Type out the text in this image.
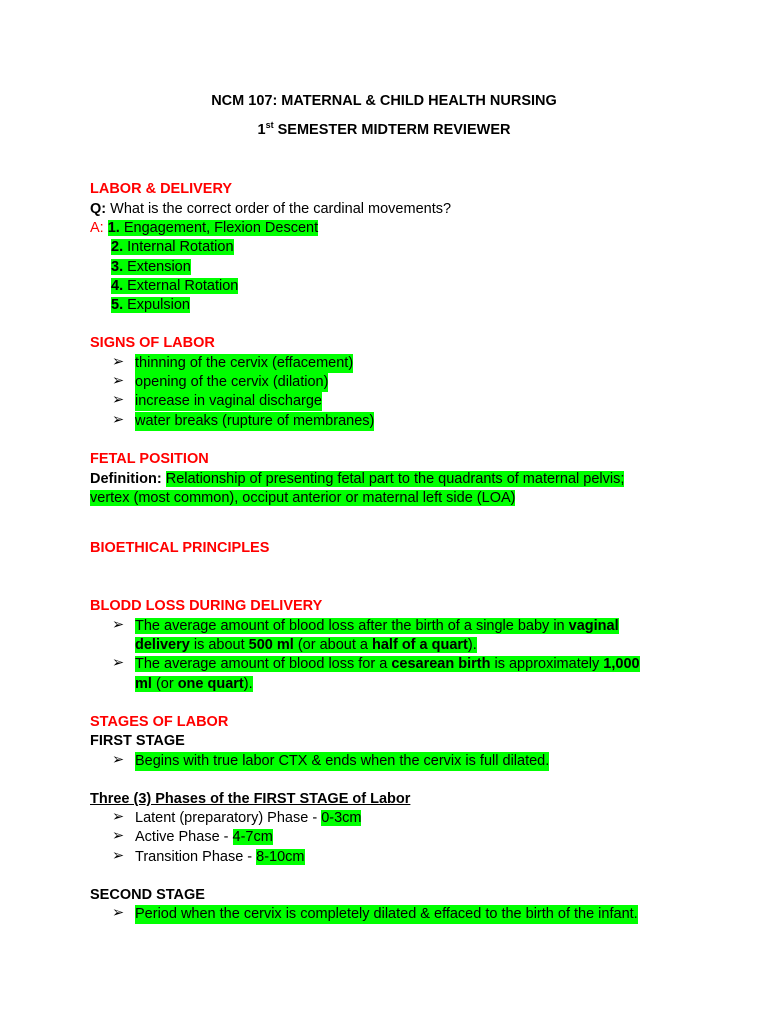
NCM 107: MATERNAL & CHILD HEALTH NURSING
1st SEMESTER MIDTERM REVIEWER
LABOR & DELIVERY
Q: What is the correct order of the cardinal movements?
A: 1. Engagement, Flexion Descent
2. Internal Rotation
3. Extension
4. External Rotation
5. Expulsion
SIGNS OF LABOR
➢ thinning of the cervix (effacement)
➢ opening of the cervix (dilation)
➢ increase in vaginal discharge
➢ water breaks (rupture of membranes)
FETAL POSITION
Definition: Relationship of presenting fetal part to the quadrants of maternal pelvis;
vertex (most common), occiput anterior or maternal left side (LOA)
BIOETHICAL PRINCIPLES
BLODD LOSS DURING DELIVERY
➢ The average amount of blood loss after the birth of a single baby in vaginal
delivery is about 500 ml (or about a half of a quart).
➢ The average amount of blood loss for a cesarean birth is approximately 1,000
ml (or one quart).
STAGES OF LABOR
FIRST STAGE
➢ Begins with true labor CTX & ends when the cervix is full dilated.
Three (3) Phases of the FIRST STAGE of Labor
➢ Latent (preparatory) Phase - 0-3cm
➢ Active Phase - 4-7cm
➢ Transition Phase - 8-10cm
SECOND STAGE
➢ Period when the cervix is completely dilated & effaced to the birth of the infant.
